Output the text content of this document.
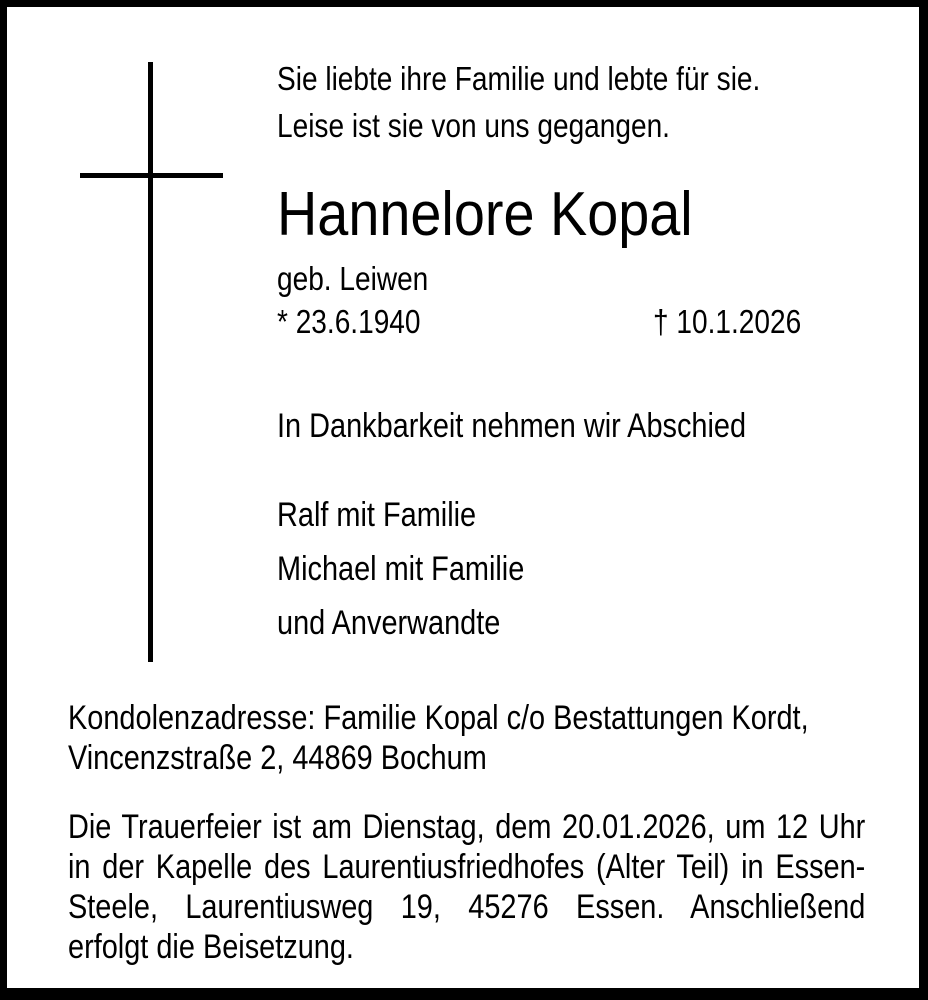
Sie liebte ihre Familie und lebte für sie.
Leise ist sie von uns gegangen.
Hannelore Kopal
geb. Leiwen
* 23.6.1940	† 10.1.2026
In Dankbarkeit nehmen wir Abschied
Ralf mit Familie
Michael mit Familie
und Anverwandte
Kondolenzadresse: Familie Kopal c/o Bestattungen Kordt,
Vincenzstraße 2, 44869 Bochum
Die Trauerfeier ist am Dienstag, dem 20.01.2026, um 12 Uhr
in der Kapelle des Laurentiusfriedhofes (Alter Teil) in Essen-
Steele, Laurentiusweg 19, 45276 Essen. Anschließend
erfolgt die Beisetzung.
